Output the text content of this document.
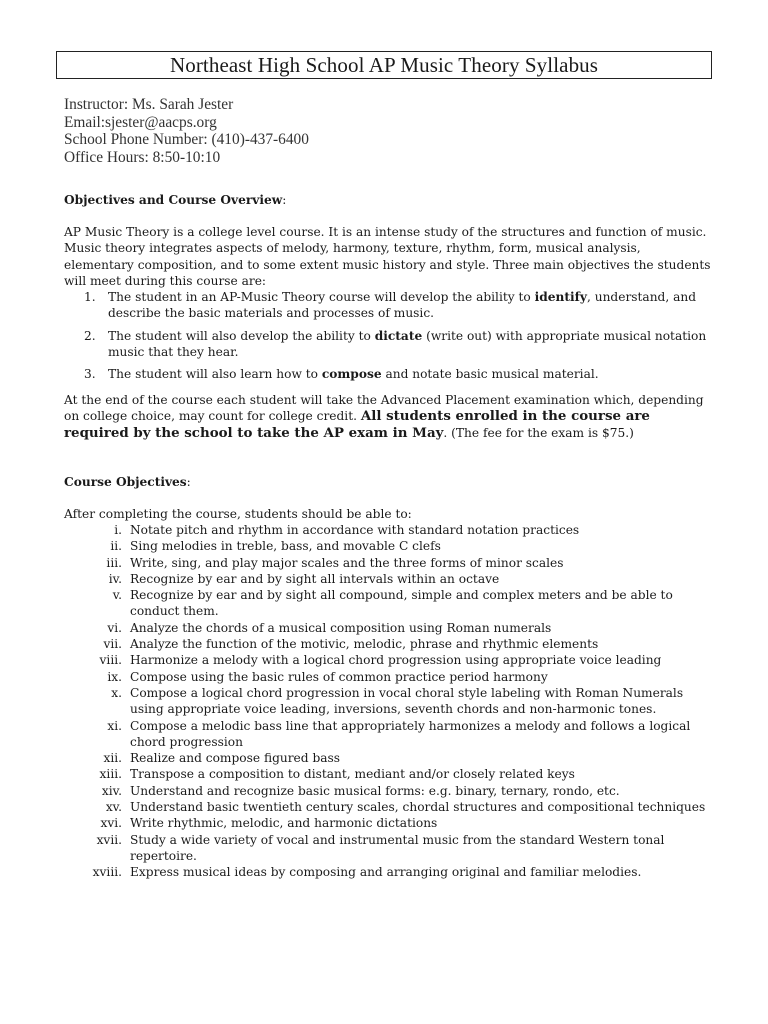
Northeast High School AP Music Theory Syllabus
Instructor: Ms. Sarah Jester
Email:sjester@aacps.org
School Phone Number: (410)-437-6400
Office Hours: 8:50-10:10
Objectives and Course Overview:
AP Music Theory is a college level course. It is an intense study of the structures and function of music. Music theory integrates aspects of melody, harmony, texture, rhythm, form, musical analysis, elementary composition, and to some extent music history and style. Three main objectives the students will meet during this course are:
1.	The student in an AP-Music Theory course will develop the ability to identify, understand, and describe the basic materials and processes of music.
2.	The student will also develop the ability to dictate (write out) with appropriate musical notation music that they hear.
3.	The student will also learn how to compose and notate basic musical material.
At the end of the course each student will take the Advanced Placement examination which, depending on college choice, may count for college credit. All students enrolled in the course are required by the school to take the AP exam in May. (The fee for the exam is $75.)
Course Objectives:
After completing the course, students should be able to:
i. Notate pitch and rhythm in accordance with standard notation practices
ii. Sing melodies in treble, bass, and movable C clefs
iii. Write, sing, and play major scales and the three forms of minor scales
iv. Recognize by ear and by sight all intervals within an octave
v. Recognize by ear and by sight all compound, simple and complex meters and be able to conduct them.
vi. Analyze the chords of a musical composition using Roman numerals
vii. Analyze the function of the motivic, melodic, phrase and rhythmic elements
viii. Harmonize a melody with a logical chord progression using appropriate voice leading
ix. Compose using the basic rules of common practice period harmony
x. Compose a logical chord progression in vocal choral style labeling with Roman Numerals using appropriate voice leading, inversions, seventh chords and non-harmonic tones.
xi. Compose a melodic bass line that appropriately harmonizes a melody and follows a logical chord progression
xii. Realize and compose figured bass
xiii. Transpose a composition to distant, mediant and/or closely related keys
xiv. Understand and recognize basic musical forms: e.g. binary, ternary, rondo, etc.
xv. Understand basic twentieth century scales, chordal structures and compositional techniques
xvi. Write rhythmic, melodic, and harmonic dictations
xvii. Study a wide variety of vocal and instrumental music from the standard Western tonal repertoire.
xviii. Express musical ideas by composing and arranging original and familiar melodies.
